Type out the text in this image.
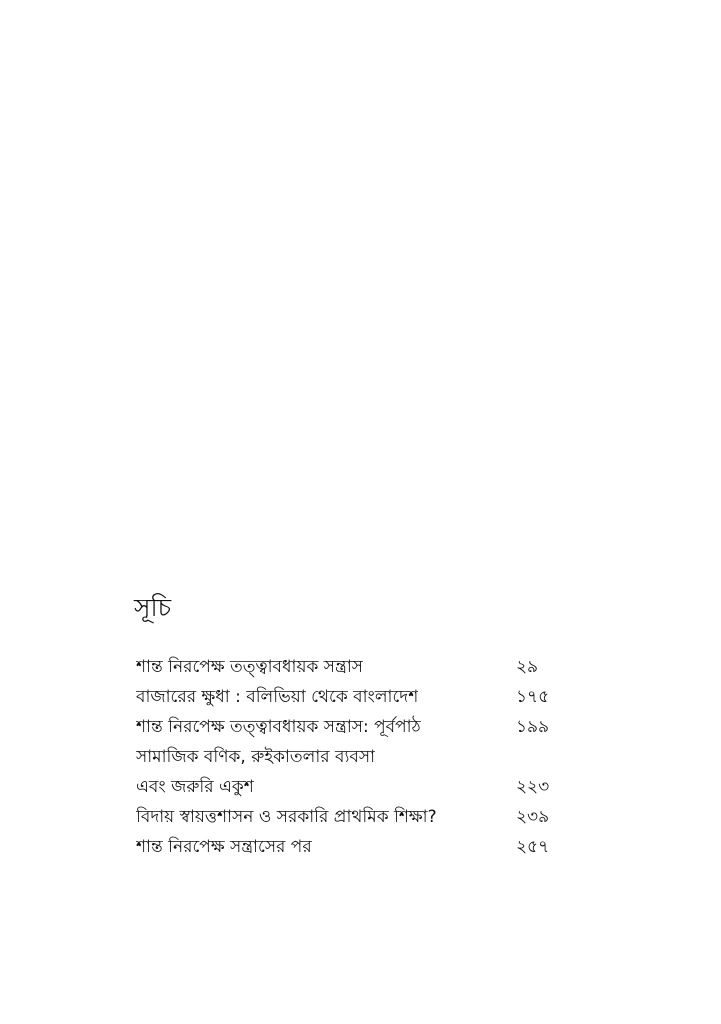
সূচি
শান্ত নিরপেক্ষ তত্ত্বাবধায়ক সন্ত্রাস	২৯
বাজারের ক্ষুধা : বলিভিয়া থেকে বাংলাদেশ	১৭৫
শান্ত নিরপেক্ষ তত্ত্বাবধায়ক সন্ত্রাস: পূর্বপাঠ	১৯৯
সামাজিক বণিক, রুইকাতলার ব্যবসা
এবং জরুরি একুশ	২২৩
বিদায় স্বায়ত্তশাসন ও সরকারি প্রাথমিক শিক্ষা?	২৩৯
শান্ত নিরপেক্ষ সন্ত্রাসের পর	২৫৭
